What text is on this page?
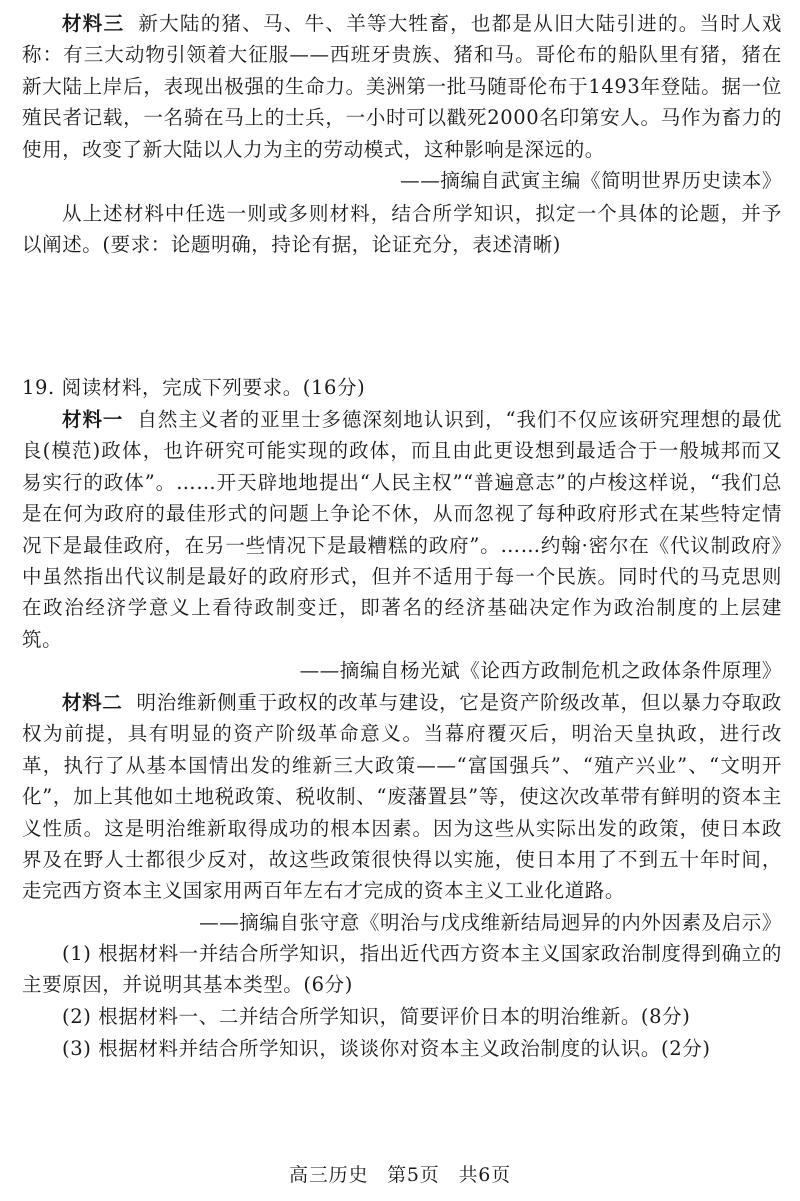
材料三 新大陆的猪、马、牛、羊等大牲畜，也都是从旧大陆引进的。当时人戏称：有三大动物引领着大征服——西班牙贵族、猪和马。哥伦布的船队里有猪，猪在新大陆上岸后，表现出极强的生命力。美洲第一批马随哥伦布于1493年登陆。据一位殖民者记载，一名骑在马上的士兵，一小时可以戳死2000名印第安人。马作为畜力的使用，改变了新大陆以人力为主的劳动模式，这种影响是深远的。

——摘编自武寅主编《简明世界历史读本》

从上述材料中任选一则或多则材料，结合所学知识，拟定一个具体的论题，并予以阐述。(要求：论题明确，持论有据，论证充分，表述清晰)

19. 阅读材料，完成下列要求。(16分)

材料一 自然主义者的亚里士多德深刻地认识到，“我们不仅应该研究理想的最优良(模范)政体，也许研究可能实现的政体，而且由此更设想到最适合于一般城邦而又易实行的政体”。……开天辟地地提出“人民主权”“普遍意志”的卢梭这样说，“我们总是在何为政府的最佳形式的问题上争论不休，从而忽视了每种政府形式在某些特定情况下是最佳政府，在另一些情况下是最糟糕的政府”。……约翰·密尔在《代议制政府》中虽然指出代议制是最好的政府形式，但并不适用于每一个民族。同时代的马克思则在政治经济学意义上看待政制变迁，即著名的经济基础决定作为政治制度的上层建筑。

——摘编自杨光斌《论西方政制危机之政体条件原理》

材料二 明治维新侧重于政权的改革与建设，它是资产阶级改革，但以暴力夺取政权为前提，具有明显的资产阶级革命意义。当幕府覆灭后，明治天皇执政，进行改革，执行了从基本国情出发的维新三大政策——“富国强兵”、“殖产兴业”、“文明开化”，加上其他如土地税政策、税收制、“废藩置县”等，使这次改革带有鲜明的资本主义性质。这是明治维新取得成功的根本因素。因为这些从实际出发的政策，使日本政界及在野人士都很少反对，故这些政策很快得以实施，使日本用了不到五十年时间，走完西方资本主义国家用两百年左右才完成的资本主义工业化道路。

——摘编自张守意《明治与戊戌维新结局迥异的内外因素及启示》

(1) 根据材料一并结合所学知识，指出近代西方资本主义国家政治制度得到确立的主要原因，并说明其基本类型。(6分)

(2) 根据材料一、二并结合所学知识，简要评价日本的明治维新。(8分)

(3) 根据材料并结合所学知识，谈谈你对资本主义政治制度的认识。(2分)

高三历史 第5页 共6页
